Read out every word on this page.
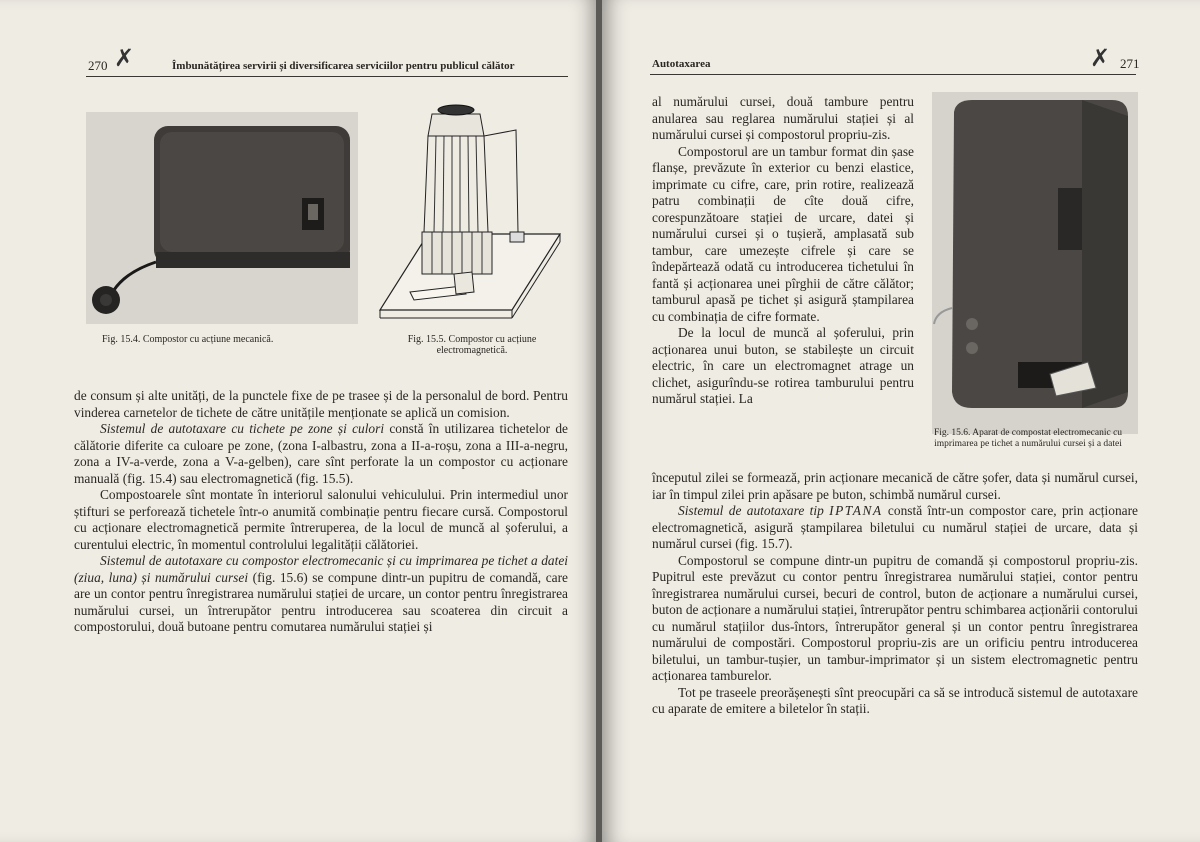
270 ✗	Îmbunătățirea servirii și diversificarea serviciilor pentru publicul călător
Fig. 15.4. Compostor cu acțiune mecanică.	Fig. 15.5. Compostor cu acțiune
electromagnetică.

de consum și alte unități, de la punctele fixe de pe trasee și de la personalul de bord. Pentru vinderea carnetelor de tichete de către unitățile menționate se aplică un comision.

Sistemul de autotaxare cu tichete pe zone și culori constă în utilizarea tichetelor de călătorie diferite ca culoare pe zone, (zona I-albastru, zona a II-a-roșu, zona a III-a-negru, zona a IV-a-verde, zona a V-a-gelben), care sînt perforate la un compostor cu acționare manuală (fig. 15.4) sau electromagnetică (fig. 15.5).

Compostoarele sînt montate în interiorul salonului vehiculului. Prin intermediul unor știfturi se perforează tichetele într-o anumită combinație pentru fiecare cursă. Compostorul cu acționare electromagnetică permite întreruperea, de la locul de muncă al șoferului, a curentului electric, în momentul controlului legalității călătoriei.

Sistemul de autotaxare cu compostor electromecanic și cu imprimarea pe tichet a datei (ziua, luna) și numărului cursei (fig. 15.6) se compune dintr-un pupitru de comandă, care are un contor pentru înregistrarea numărului stației de urcare, un contor pentru înregistrarea numărului cursei, un întrerupător pentru introducerea sau scoaterea din circuit a compostorului, două butoane pentru comutarea numărului stației și

Autotaxarea	✗ 271
Fig. 15.6. Aparat de compostat electromecanic cu imprimarea pe tichet a numărului cursei și a datei

al numărului cursei, două tambure pentru anularea sau reglarea numărului stației și al numărului cursei și compostorul propriu-zis.

Compostorul are un tambur format din șase flanșe, prevăzute în exterior cu benzi elastice, imprimate cu cifre, care, prin rotire, realizează patru combinații de cîte două cifre, corespunzătoare stației de urcare, datei și numărului cursei și o tușieră, amplasată sub tambur, care umezește cifrele și care se îndepărtează odată cu introducerea tichetului în fantă și acționarea unei pîrghii de către călător; tamburul apasă pe tichet și asigură ștampilarea cu combinația de cifre formate.

De la locul de muncă al șoferului, prin acționarea unui buton, se stabilește un circuit electric, în care un electromagnet atrage un clichet, asigurîndu-se rotirea tamburului pentru numărul stației. La

începutul zilei se formează, prin acționare mecanică de către șofer, data și numărul cursei, iar în timpul zilei prin apăsare pe buton, schimbă numărul cursei.

Sistemul de autotaxare tip IPTANA constă într-un compostor care, prin acționare electromagnetică, asigură ștampilarea biletului cu numărul stației de urcare, data și numărul cursei (fig. 15.7).

Compostorul se compune dintr-un pupitru de comandă și compostorul propriu-zis. Pupitrul este prevăzut cu contor pentru înregistrarea numărului stației, contor pentru înregistrarea numărului cursei, becuri de control, buton de acționare a numărului cursei, buton de acționare a numărului stației, întrerupător pentru schimbarea acționării contorului cu numărul stațiilor dus-întors, întrerupător general și un contor pentru înregistrarea numărului de compostări. Compostorul propriu-zis are un orificiu pentru introducerea biletului, un tambur-tușier, un tambur-imprimator și un sistem electromagnetic pentru acționarea tamburelor.

Tot pe traseele preorășenești sînt preocupări ca să se introducă sistemul de autotaxare cu aparate de emitere a biletelor în stații.
